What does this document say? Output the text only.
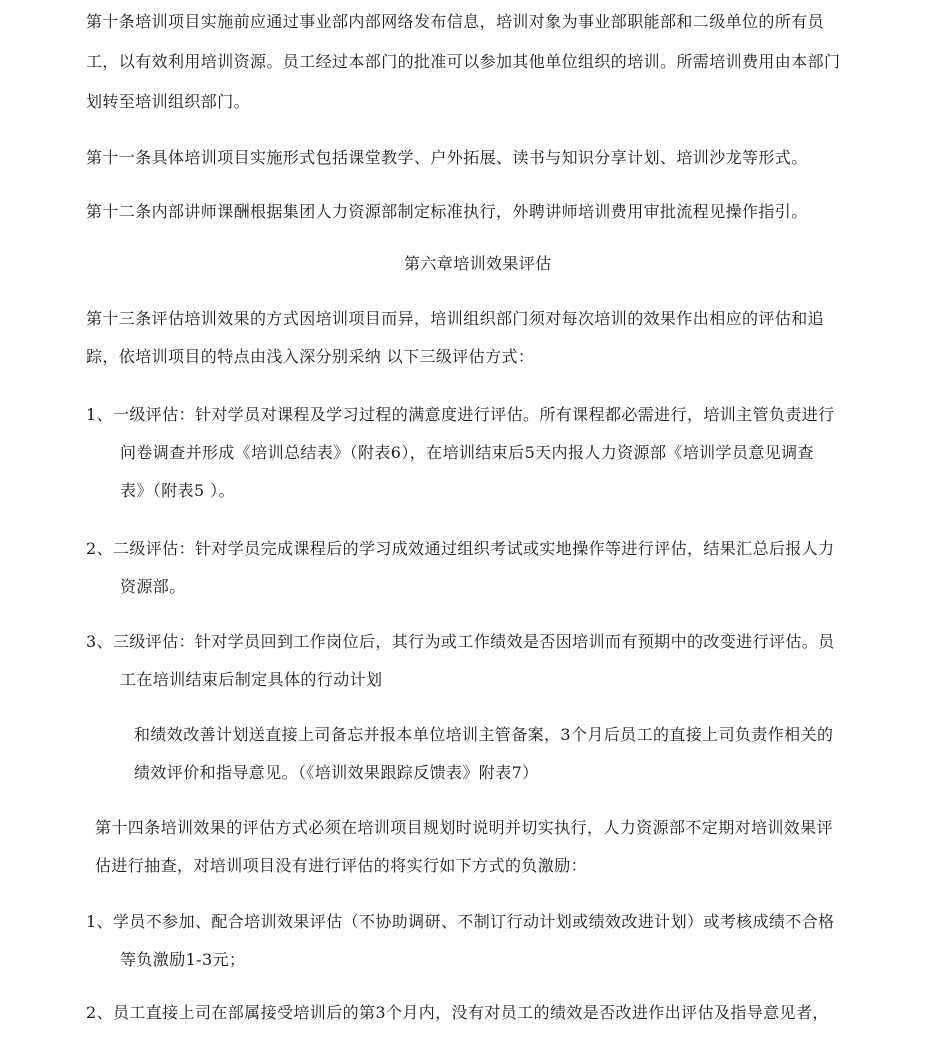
第十条培训项目实施前应通过事业部内部网络发布信息，培训对象为事业部职能部和二级单位的所有员
工，以有效利用培训资源。员工经过本部门的批准可以参加其他单位组织的培训。所需培训费用由本部门
划转至培训组织部门。
第十一条具体培训项目实施形式包括课堂教学、户外拓展、读书与知识分享计划、培训沙龙等形式。
第十二条内部讲师课酬根据集团人力资源部制定标准执行，外聘讲师培训费用审批流程见操作指引。
第六章培训效果评估
第十三条评估培训效果的方式因培训项目而异，培训组织部门须对每次培训的效果作出相应的评估和追
踪，依培训项目的特点由浅入深分别采纳 以下三级评估方式：
1、一级评估：针对学员对课程及学习过程的满意度进行评估。所有课程都必需进行，培训主管负责进行
问卷调查并形成《培训总结表》（附表6），在培训结束后5天内报人力资源部《培训学员意见调查
表》（附表5 ）。
2、二级评估：针对学员完成课程后的学习成效通过组织考试或实地操作等进行评估，结果汇总后报人力
资源部。
3、三级评估：针对学员回到工作岗位后，其行为或工作绩效是否因培训而有预期中的改变进行评估。员
工在培训结束后制定具体的行动计划
和绩效改善计划送直接上司备忘并报本单位培训主管备案，3个月后员工的直接上司负责作相关的
绩效评价和指导意见。（《培训效果跟踪反馈表》附表7）
第十四条培训效果的评估方式必须在培训项目规划时说明并切实执行，人力资源部不定期对培训效果评
估进行抽查，对培训项目没有进行评估的将实行如下方式的负激励：
1、学员不参加、配合培训效果评估（不协助调研、不制订行动计划或绩效改进计划）或考核成绩不合格
等负激励1-3元；
2、员工直接上司在部属接受培训后的第3个月内，没有对员工的绩效是否改进作出评估及指导意见者，
